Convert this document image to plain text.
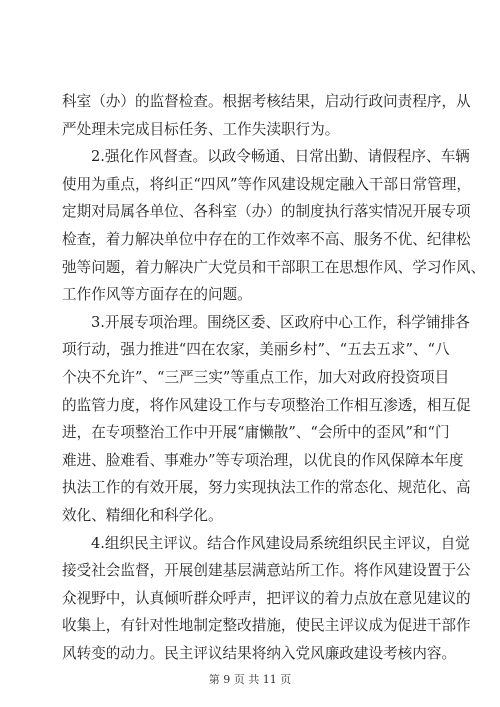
科室（办）的监督检查。根据考核结果，启动行政问责程序，从
严处理未完成目标任务、工作失渎职行为。
2.强化作风督查。以政令畅通、日常出勤、请假程序、车辆
使用为重点，将纠正“四风”等作风建设规定融入干部日常管理，
定期对局属各单位、各科室（办）的制度执行落实情况开展专项
检查，着力解决单位中存在的工作效率不高、服务不优、纪律松
弛等问题，着力解决广大党员和干部职工在思想作风、学习作风、
工作作风等方面存在的问题。
3.开展专项治理。围绕区委、区政府中心工作，科学铺排各
项行动，强力推进“四在农家，美丽乡村”、“五去五求”、“八
个决不允许”、“三严三实”等重点工作，加大对政府投资项目
的监管力度，将作风建设工作与专项整治工作相互渗透，相互促
进，在专项整治工作中开展“庸懒散”、“会所中的歪风”和“门
难进、脸难看、事难办”等专项治理，以优良的作风保障本年度
执法工作的有效开展，努力实现执法工作的常态化、规范化、高
效化、精细化和科学化。
4.组织民主评议。结合作风建设局系统组织民主评议，自觉
接受社会监督，开展创建基层满意站所工作。将作风建设置于公
众视野中，认真倾听群众呼声，把评议的着力点放在意见建议的
收集上，有针对性地制定整改措施，使民主评议成为促进干部作
风转变的动力。民主评议结果将纳入党风廉政建设考核内容。
第 9 页 共 11 页
